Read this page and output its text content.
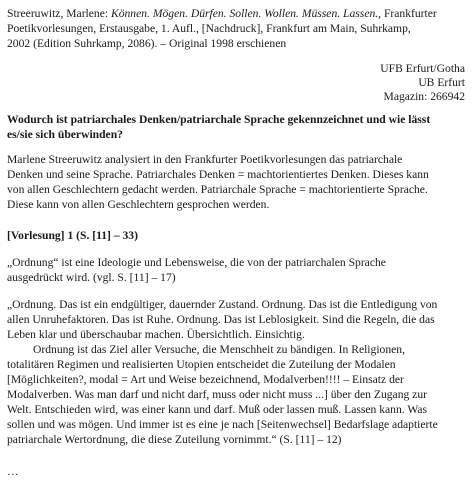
Streeruwitz, Marlene: Können. Mögen. Dürfen. Sollen. Wollen. Müssen. Lassen., Frankfurter

Poetikvorlesungen, Erstausgabe, 1. Aufl., [Nachdruck], Frankfurt am Main, Suhrkamp,

2002 (Edition Suhrkamp, 2086). – Original 1998 erschienen

UFB Erfurt/Gotha

UB Erfurt

Magazin: 266942

Wodurch ist patriarchales Denken/patriarchale Sprache gekennzeichnet und wie lässt

es/sie sich überwinden?

Marlene Streeruwitz analysiert in den Frankfurter Poetikvorlesungen das patriarchale

Denken und seine Sprache. Patriarchales Denken = machtorientiertes Denken. Dieses kann

von allen Geschlechtern gedacht werden. Patriarchale Sprache = machtorientierte Sprache.

Diese kann von allen Geschlechtern gesprochen werden.

[Vorlesung] 1 (S. [11] – 33)

„Ordnung“ ist eine Ideologie und Lebensweise, die von der patriarchalen Sprache

ausgedrückt wird. (vgl. S. [11] – 17)

„Ordnung. Das ist ein endgültiger, dauernder Zustand. Ordnung. Das ist die Entledigung von

allen Unruhefaktoren. Das ist Ruhe. Ordnung. Das ist Leblosigkeit. Sind die Regeln, die das

Leben klar und überschaubar machen. Übersichtlich. Einsichtig.

Ordnung ist das Ziel aller Versuche, die Menschheit zu bändigen. In Religionen,

totalitären Regimen und realisierten Utopien entscheidet die Zuteilung der Modalen

[Möglichkeiten?, modal = Art und Weise bezeichnend, Modalverben!!!! – Einsatz der

Modalverben. Was man darf und nicht darf, muss oder nicht muss ...] über den Zugang zur

Welt. Entschieden wird, was einer kann und darf. Muß oder lassen muß. Lassen kann. Was

sollen und was mögen. Und immer ist es eine je nach [Seitenwechsel] Bedarfslage adaptierte

patriarchale Wertordnung, die diese Zuteilung vornimmt.“ (S. [11] – 12)

…
